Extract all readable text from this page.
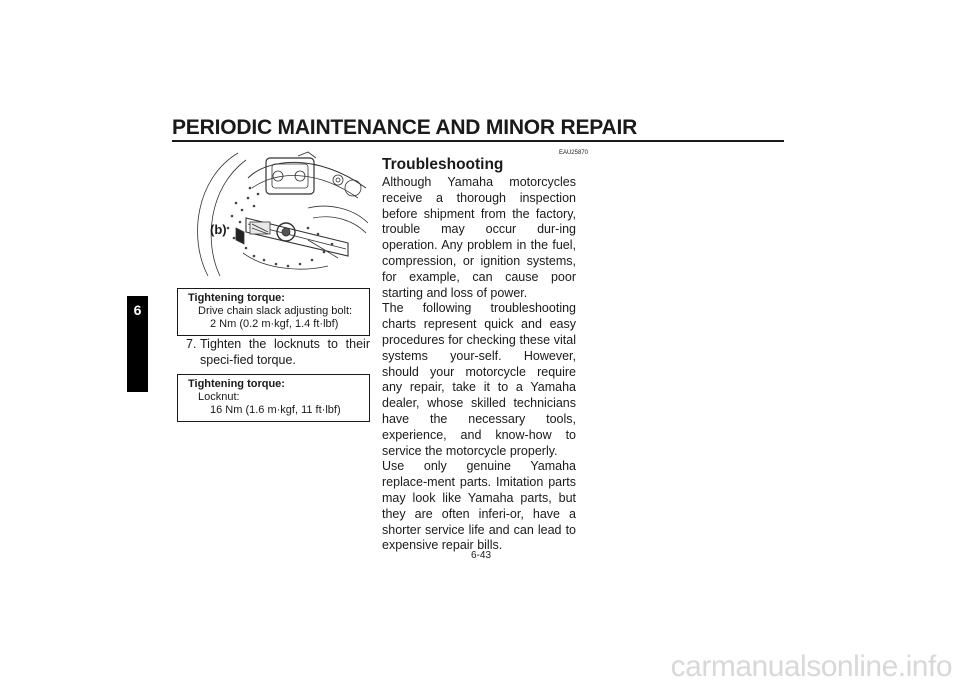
PERIODIC MAINTENANCE AND MINOR REPAIR
6
(b)
Tightening torque:
Drive chain slack adjusting bolt:
2 Nm (0.2 m·kgf, 1.4 ft·lbf)
7. Tighten the locknuts to their speci-fied torque.
Tightening torque:
Locknut:
16 Nm (1.6 m·kgf, 11 ft·lbf)
EAU25870
Troubleshooting

Although Yamaha motorcycles receive a thorough inspection before shipment from the factory, trouble may occur dur-ing operation. Any problem in the fuel, compression, or ignition systems, for example, can cause poor starting and loss of power.

The following troubleshooting charts represent quick and easy procedures for checking these vital systems your-self. However, should your motorcycle require any repair, take it to a Yamaha dealer, whose skilled technicians have the necessary tools, experience, and know-how to service the motorcycle properly.

Use only genuine Yamaha replace-ment parts. Imitation parts may look like Yamaha parts, but they are often inferi-or, have a shorter service life and can lead to expensive repair bills.

6-43
carmanualsonline.info
